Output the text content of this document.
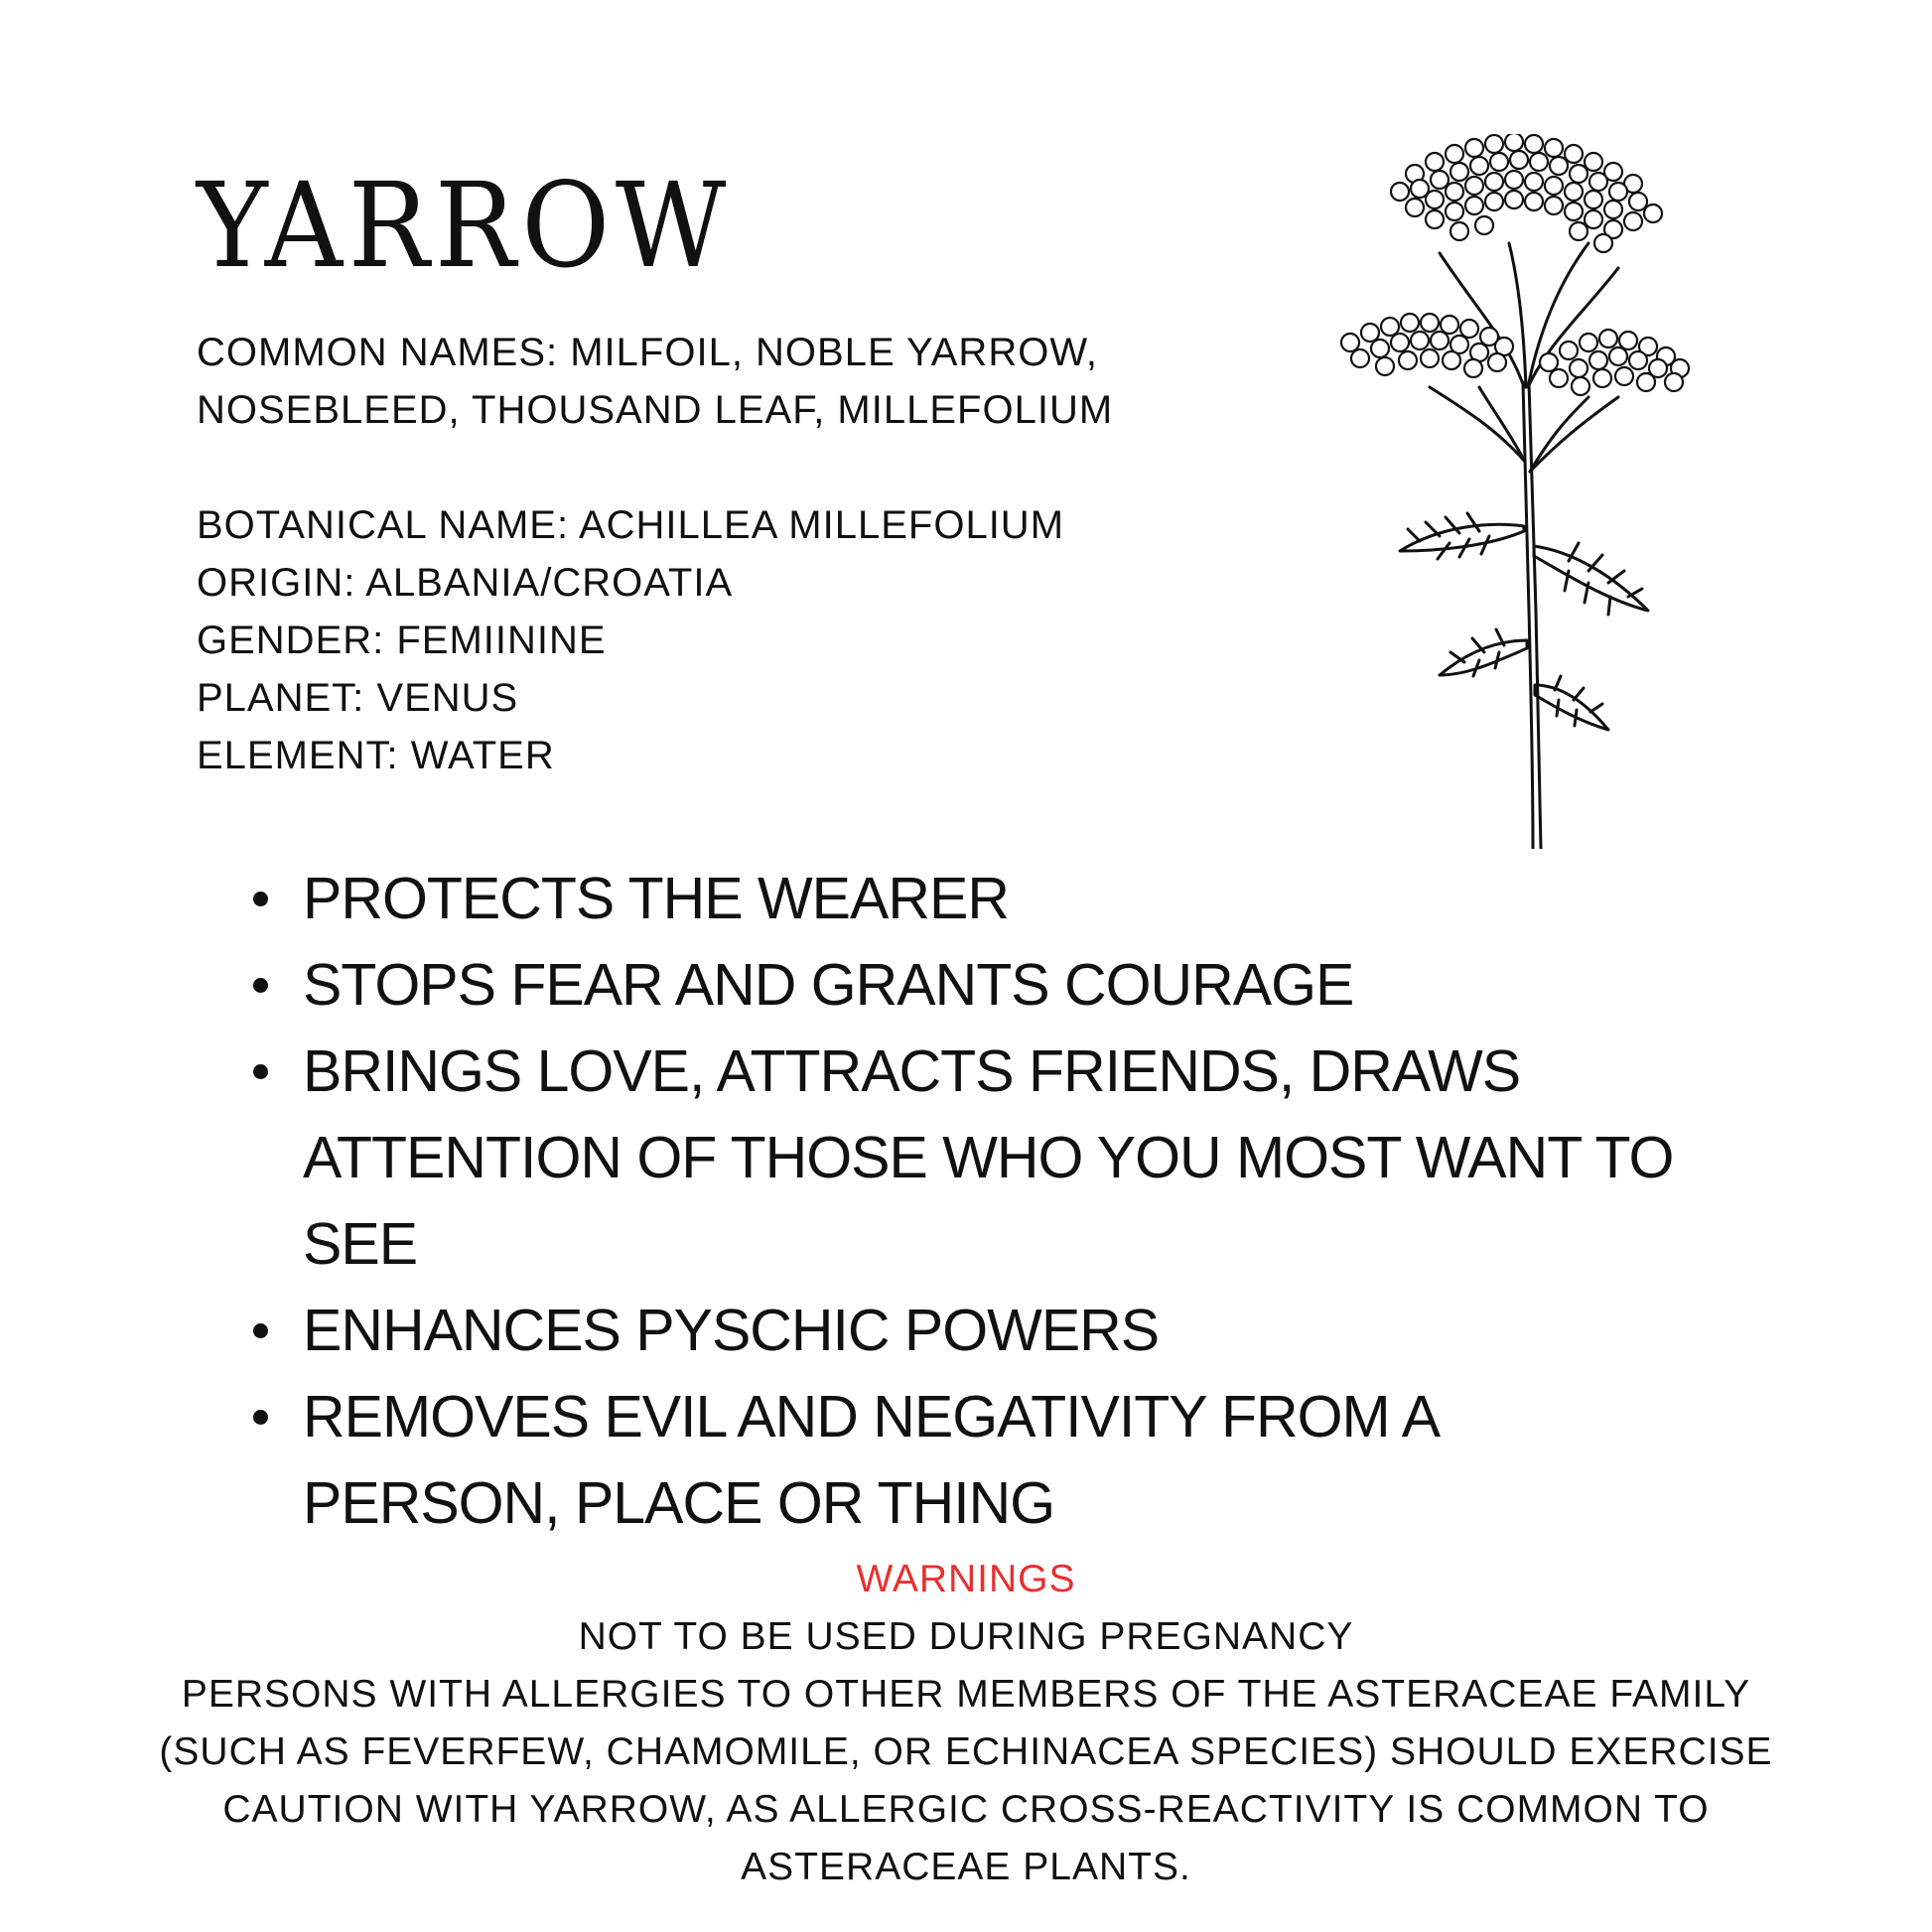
YARROW
COMMON NAMES: MILFOIL, NOBLE YARROW,
NOSEBLEED, THOUSAND LEAF, MILLEFOLIUM
BOTANICAL NAME: ACHILLEA MILLEFOLIUM
ORIGIN: ALBANIA/CROATIA
GENDER: FEMIININE
PLANET: VENUS
ELEMENT: WATER
PROTECTS THE WEARER
STOPS FEAR AND GRANTS COURAGE
BRINGS LOVE, ATTRACTS FRIENDS, DRAWS ATTENTION OF THOSE WHO YOU MOST WANT TO SEE
ENHANCES PYSCHIC POWERS
REMOVES EVIL AND NEGATIVITY FROM A PERSON, PLACE OR THING
WARNINGS
NOT TO BE USED DURING PREGNANCY
PERSONS WITH ALLERGIES TO OTHER MEMBERS OF THE ASTERACEAE FAMILY
(SUCH AS FEVERFEW, CHAMOMILE, OR ECHINACEA SPECIES) SHOULD EXERCISE
CAUTION WITH YARROW, AS ALLERGIC CROSS-REACTIVITY IS COMMON TO
ASTERACEAE PLANTS.
